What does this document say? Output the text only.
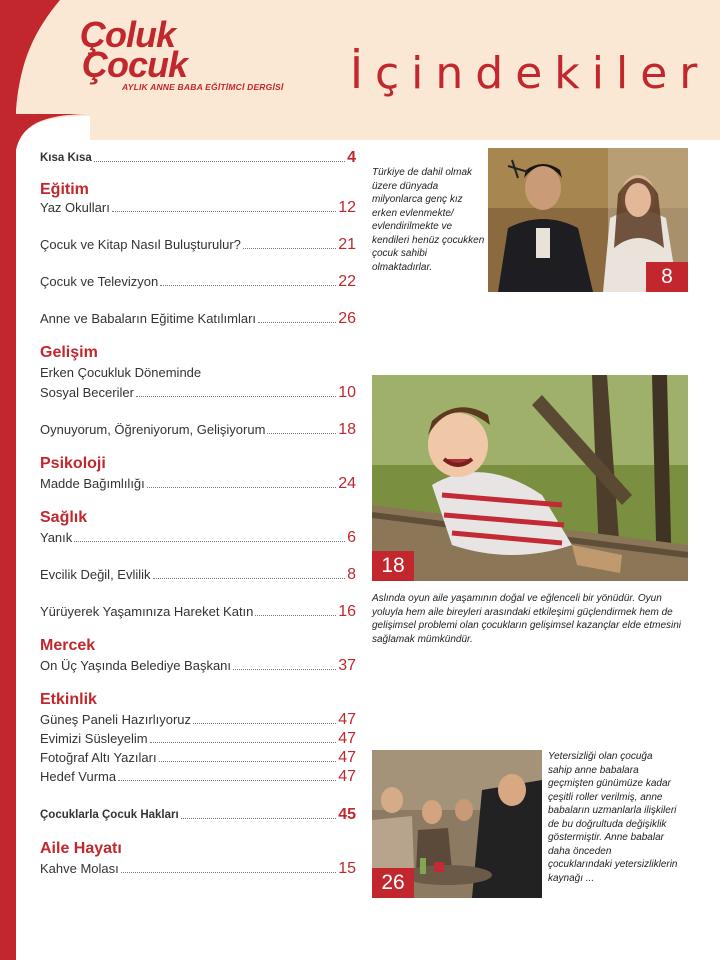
Çoluk
Çocuk
AYLIK ANNE BABA EĞİTİMCİ DERGİSİ İçindekiler
Kısa Kısa	4
Eğitim
Yaz Okulları	12
Çocuk ve Kitap Nasıl Buluşturulur?	21
Çocuk ve Televizyon	22
Anne ve Babaların Eğitime Katılımları	26
Gelişim
Erken Çocukluk Döneminde
Sosyal Beceriler	10
Oynuyorum, Öğreniyorum, Gelişiyorum	18
Psikoloji
Madde Bağımlılığı	24
Sağlık
Yanık	6
Evcilik Değil, Evlilik	8
Yürüyerek Yaşamınıza Hareket Katın	16
Mercek
On Üç Yaşında Belediye Başkanı	37
Etkinlik
Güneş Paneli Hazırlıyoruz	47
Evimizi Süsleyelim	47
Fotoğraf Altı Yazıları	47
Hedef Vurma	47
Çocuklarla Çocuk Hakları	45
Aile Hayatı
Kahve Molası	15
8
Türkiye de dahil olmak üzere dünyada milyonlarca genç kız erken evlenmekte/ evlendirilmekte ve kendileri henüz çocukken çocuk sahibi olmaktadırlar.
18
Aslında oyun aile yaşamının doğal ve eğlenceli bir yönüdür. Oyun yoluyla hem aile bireyleri arasındaki etkileşimi güçlendirmek hem de gelişimsel problemi olan çocukların gelişimsel kazançlar elde etmesini sağlamak mümkündür.
26
Yetersizliği olan çocuğa sahip anne babalara geçmişten günümüze kadar çeşitli roller verilmiş, anne babaların uzmanlarla ilişkileri de bu doğrultuda değişiklik göstermiştir. Anne babalar daha önceden çocuklarındaki yetersizliklerin kaynağı ...
